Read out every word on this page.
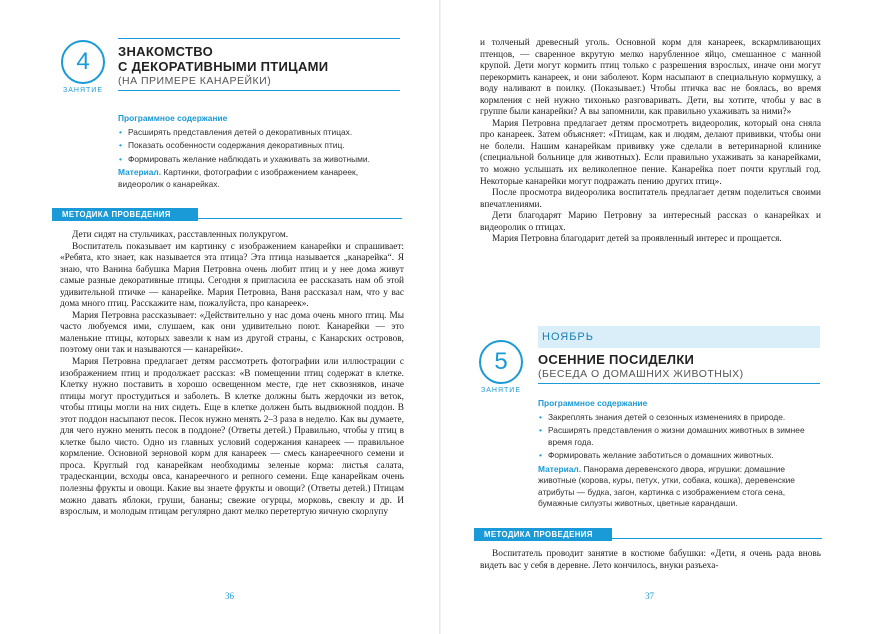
4
ЗАНЯТИЕ
ЗНАКОМСТВО
С ДЕКОРАТИВНЫМИ ПТИЦАМИ
(НА ПРИМЕРЕ КАНАРЕЙКИ)
Программное содержание
• Расширять представления детей о декоративных птицах.
• Показать особенности содержания декоративных птиц.
• Формировать желание наблюдать и ухаживать за животными.
Материал. Картинки, фотографии с изображением канареек, видеоролик о канарейках.
МЕТОДИКА ПРОВЕДЕНИЯ

Дети сидят на стульчиках, расставленных полукругом.

Воспитатель показывает им картинку с изображением канарейки и спрашивает: «Ребята, кто знает, как называется эта птица? Эта птица называется „канарейка“. Я знаю, что Ванина бабушка Мария Петровна очень любит птиц и у нее дома живут самые разные декоративные птицы. Сегодня я пригласила ее рассказать нам об этой удивительной птичке — канарейке. Мария Петровна, Ваня рассказал нам, что у вас дома много птиц. Расскажите нам, пожалуйста, про канареек».

Мария Петровна рассказывает: «Действительно у нас дома очень много птиц. Мы часто любуемся ими, слушаем, как они удивительно поют. Канарейки — это маленькие птицы, которых завезли к нам из другой страны, с Канарских островов, поэтому они так и называются — канарейки».

Мария Петровна предлагает детям рассмотреть фотографии или иллюстрации с изображением птиц и продолжает рассказ: «В помещении птиц содержат в клетке. Клетку нужно поставить в хорошо освещенном месте, где нет сквозняков, иначе птицы могут простудиться и заболеть. В клетке должны быть жердочки из веток, чтобы птицы могли на них сидеть. Еще в клетке должен быть выдвижной поддон. В этот поддон насыпают песок. Песок нужно менять 2–3 раза в неделю. Как вы думаете, для чего нужно менять песок в поддоне? (Ответы детей.) Правильно, чтобы у птиц в клетке было чисто. Одно из главных условий содержания канареек — правильное кормление. Основной зерновой корм для канареек — смесь канареечного семени и проса. Круглый год канарейкам необходимы зеленые корма: листья салата, традесканции, всходы овса, канареечного и репного семени. Еще канарейкам очень полезны фрукты и овощи. Какие вы знаете фрукты и овощи? (Ответы детей.) Птицам можно давать яблоки, груши, бананы; свежие огурцы, морковь, свеклу и др. И взрослым, и молодым птицам регулярно дают мелко перетертую яичную скорлупу

36

и толченый древесный уголь. Основной корм для канареек, вскармливающих птенцов, — сваренное вкрутую мелко нарубленное яйцо, смешанное с манной крупой. Дети могут кормить птиц только с разрешения взрослых, иначе они могут перекормить канареек, и они заболеют. Корм насыпают в специальную кормушку, а воду наливают в поилку. (Показывает.) Чтобы птичка вас не боялась, во время кормления с ней нужно тихонько разговаривать. Дети, вы хотите, чтобы у вас в группе были канарейки? А вы запомнили, как правильно ухаживать за ними?»

Мария Петровна предлагает детям просмотреть видеоролик, который она сняла про канареек. Затем объясняет: «Птицам, как и людям, делают прививки, чтобы они не болели. Нашим канарейкам прививку уже сделали в ветеринарной клинике (специальной больнице для животных). Если правильно ухаживать за канарейками, то можно услышать их великолепное пение. Канарейка поет почти круглый год. Некоторые канарейки могут подражать пению других птиц».

После просмотра видеоролика воспитатель предлагает детям поделиться своими впечатлениями.

Дети благодарят Марию Петровну за интересный рассказ о канарейках и видеоролик о птицах.

Мария Петровна благодарит детей за проявленный интерес и прощается.

НОЯБРЬ
5
ЗАНЯТИЕ
ОСЕННИЕ ПОСИДЕЛКИ
(БЕСЕДА О ДОМАШНИХ ЖИВОТНЫХ)
Программное содержание
• Закреплять знания детей о сезонных изменениях в природе.
• Расширять представления о жизни домашних животных в зимнее время года.
• Формировать желание заботиться о домашних животных.
Материал. Панорама деревенского двора, игрушки: домашние животные (корова, куры, петух, утки, собака, кошка), деревенские атрибуты — будка, загон, картинка с изображением стога сена, бумажные силуэты животных, цветные карандаши.
МЕТОДИКА ПРОВЕДЕНИЯ

Воспитатель проводит занятие в костюме бабушки: «Дети, я очень рада вновь видеть вас у себя в деревне. Лето кончилось, внуки разъеха-

37
